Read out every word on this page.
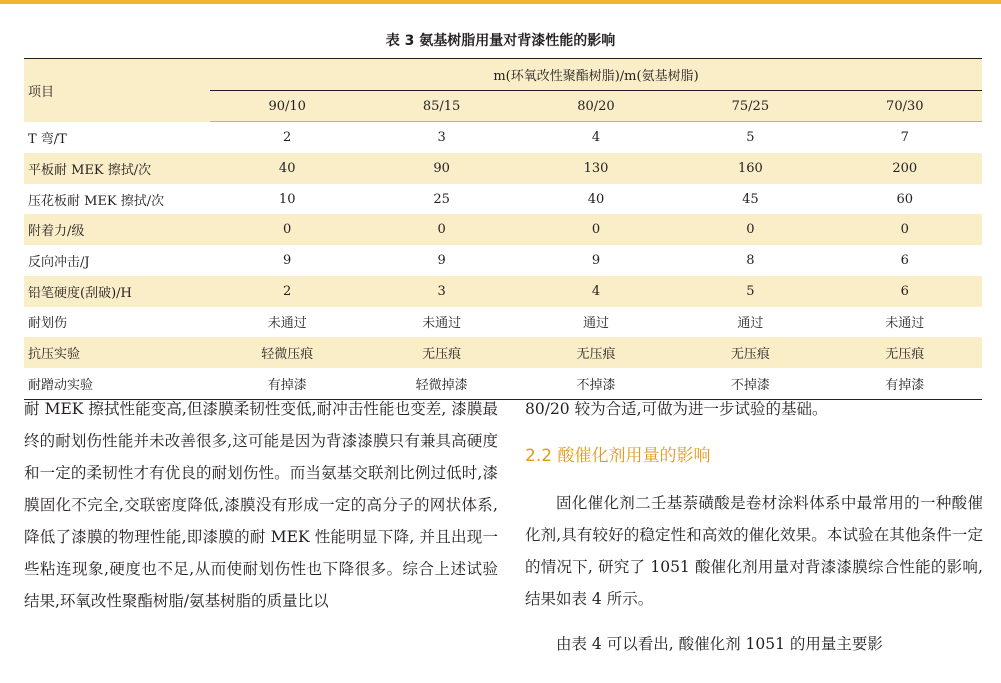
表 3 氨基树脂用量对背漆性能的影响
项目	m(环氧改性聚酯树脂)/m(氨基树脂)				
	90/10	85/15	80/20	75/25	70/30
T 弯/T	2	3	4	5	7
平板耐 MEK 擦拭/次	40	90	130	160	200
压花板耐 MEK 擦拭/次	10	25	40	45	60
附着力/级	0	0	0	0	0
反向冲击/J	9	9	9	8	6
铅笔硬度(刮破)/H	2	3	4	5	6
耐划伤	未通过	未通过	通过	通过	未通过
抗压实验	轻微压痕	无压痕	无压痕	无压痕	无压痕
耐蹭动实验	有掉漆	轻微掉漆	不掉漆	不掉漆	有掉漆

耐 MEK 擦拭性能变高,但漆膜柔韧性变低,耐冲击性能也变差, 漆膜最终的耐划伤性能并未改善很多,这可能是因为背漆漆膜只有兼具高硬度和一定的柔韧性才有优良的耐划伤性。而当氨基交联剂比例过低时,漆膜固化不完全,交联密度降低,漆膜没有形成一定的高分子的网状体系, 降低了漆膜的物理性能,即漆膜的耐 MEK 性能明显下降, 并且出现一些粘连现象,硬度也不足,从而使耐划伤性也下降很多。综合上述试验结果,环氧改性聚酯树脂/氨基树脂的质量比以

80/20 较为合适,可做为进一步试验的基础。

2.2 酸催化剂用量的影响

固化催化剂二壬基萘磺酸是卷材涂料体系中最常用的一种酸催化剂,具有较好的稳定性和高效的催化效果。本试验在其他条件一定的情况下, 研究了 1051 酸催化剂用量对背漆漆膜综合性能的影响,结果如表 4 所示。

由表 4 可以看出, 酸催化剂 1051 的用量主要影
